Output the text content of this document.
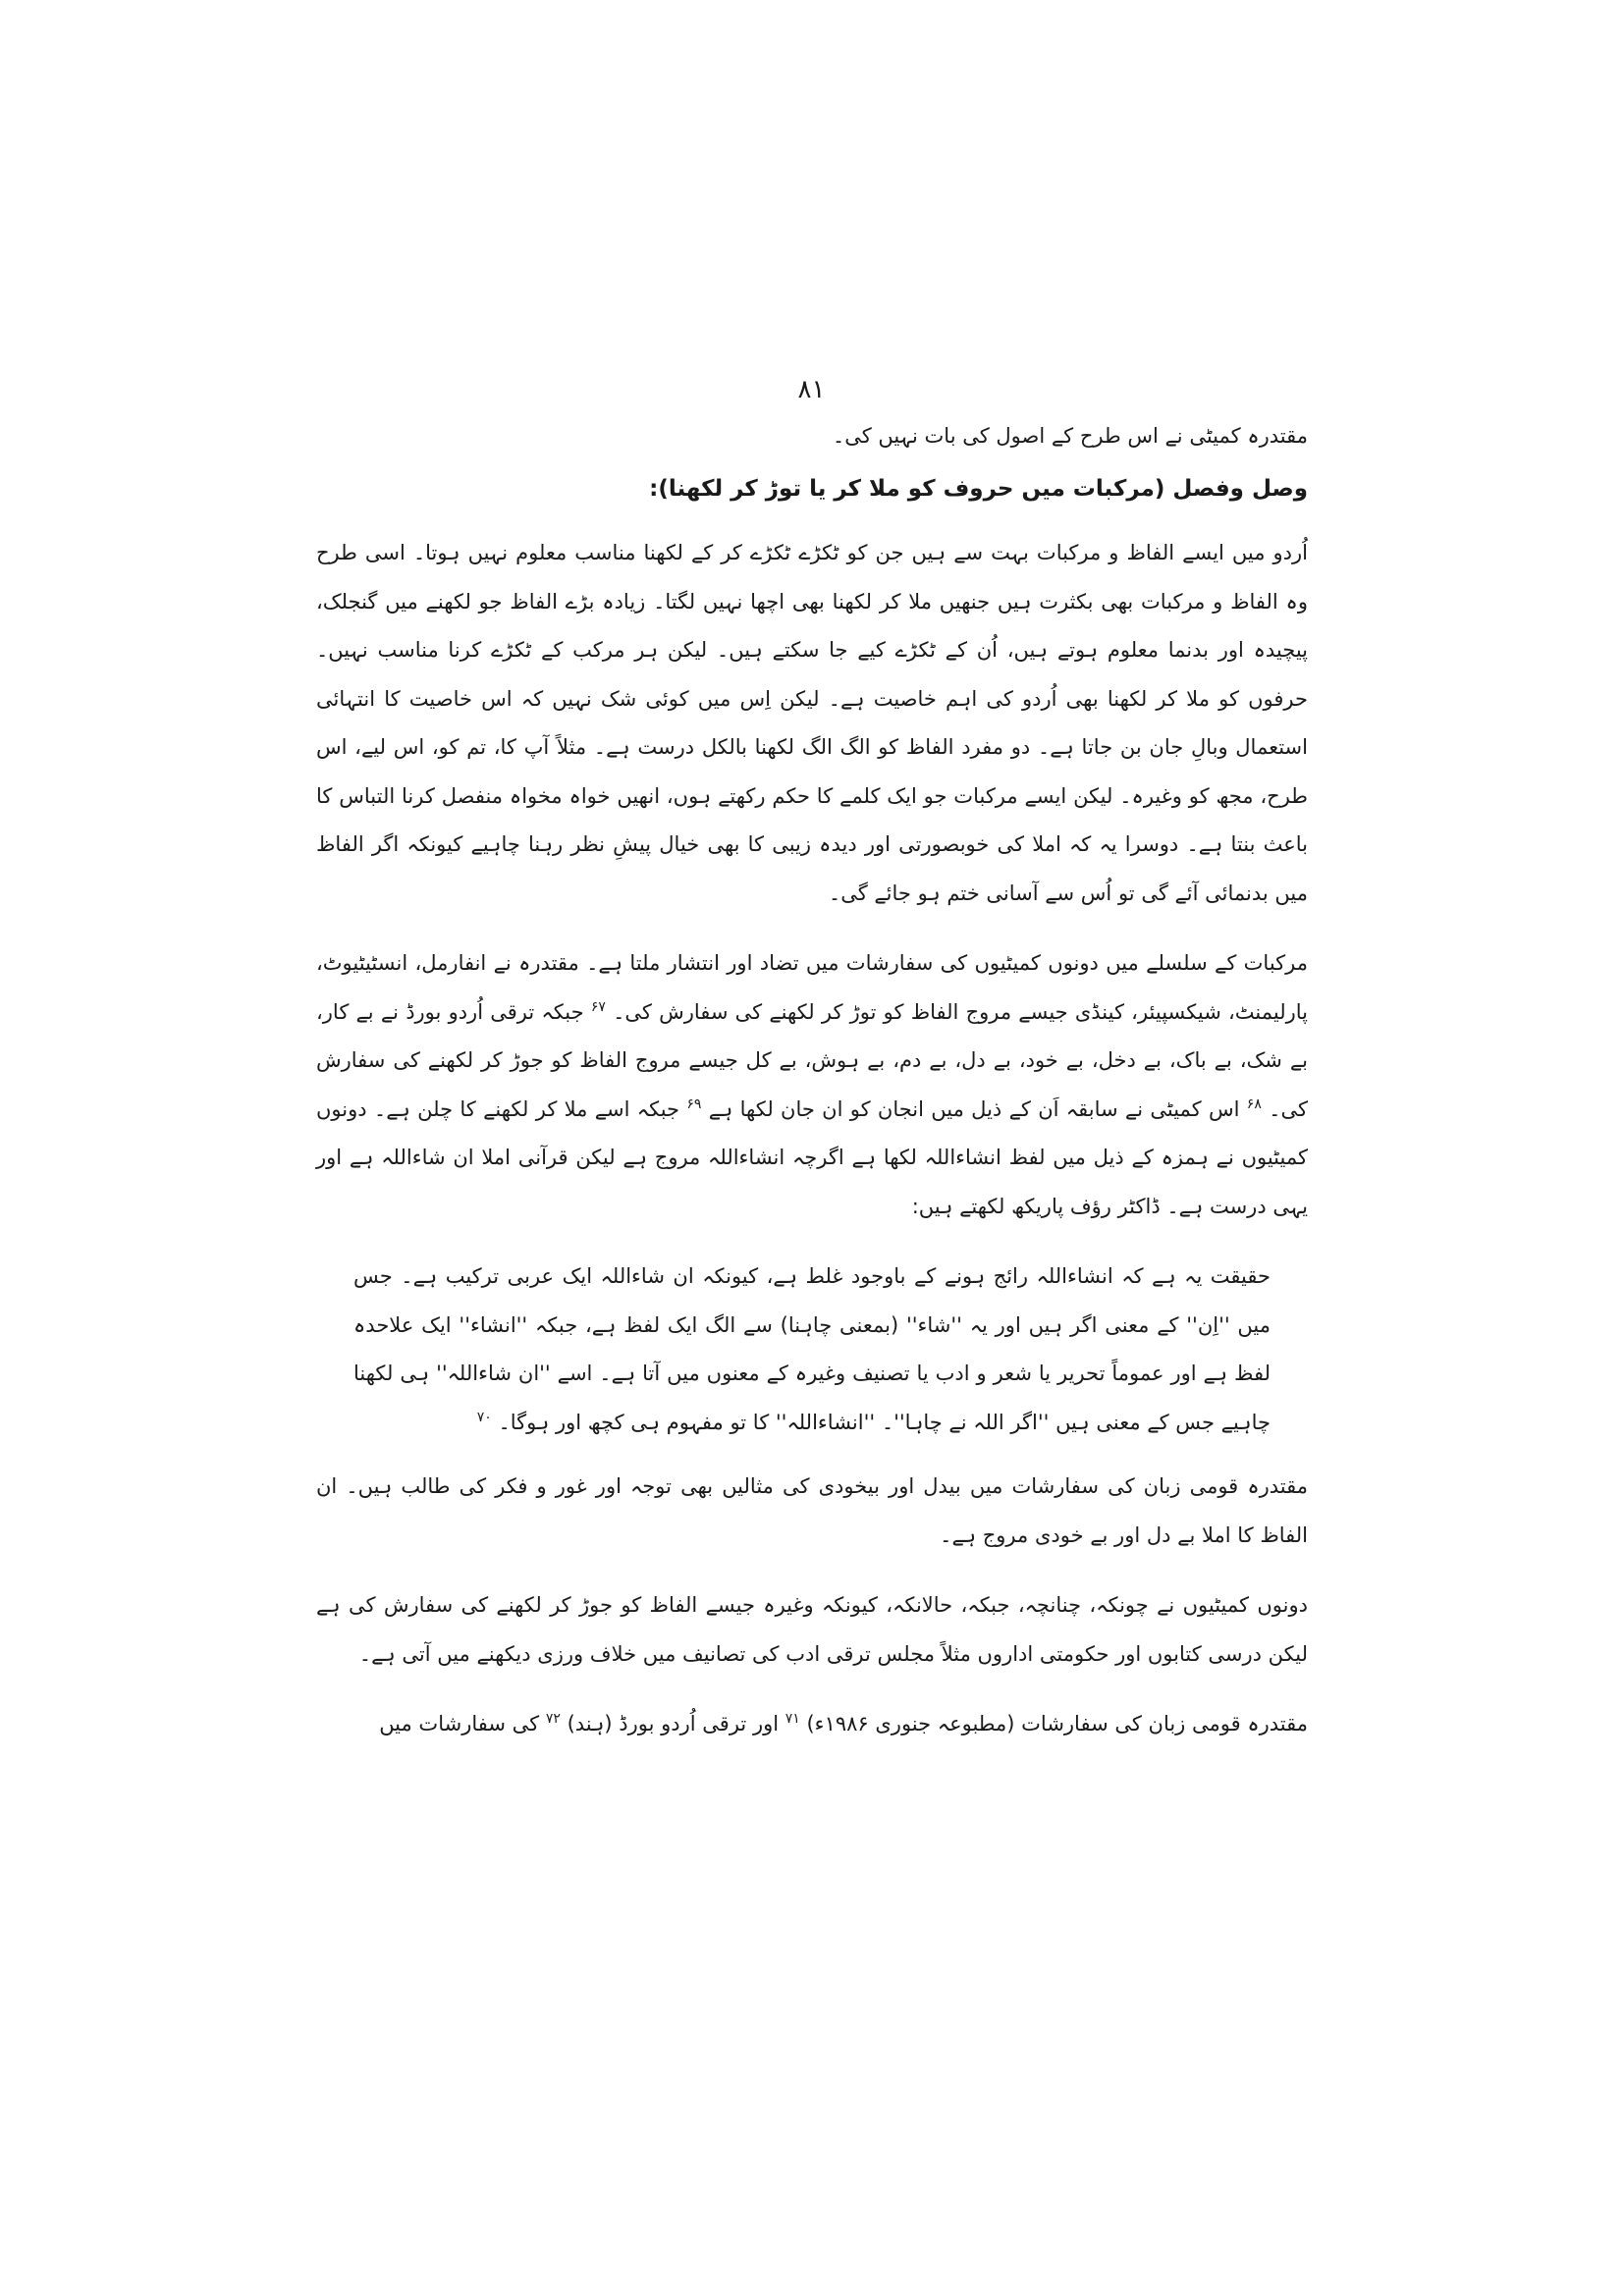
۸۱

مقتدرہ کمیٹی نے اس طرح کے اصول کی بات نہیں کی۔

وصل وفصل (مرکبات میں حروف کو ملا کر یا توڑ کر لکھنا):

اُردو میں ایسے الفاظ و مرکبات بہت سے ہیں جن کو ٹکڑے ٹکڑے کر کے لکھنا مناسب معلوم نہیں ہوتا۔ اسی طرح وہ الفاظ و مرکبات بھی بکثرت ہیں جنھیں ملا کر لکھنا بھی اچھا نہیں لگتا۔ زیادہ بڑے الفاظ جو لکھنے میں گنجلک، پیچیدہ اور بدنما معلوم ہوتے ہیں، اُن کے ٹکڑے کیے جا سکتے ہیں۔ لیکن ہر مرکب کے ٹکڑے کرنا مناسب نہیں۔ حرفوں کو ملا کر لکھنا بھی اُردو کی اہم خاصیت ہے۔ لیکن اِس میں کوئی شک نہیں کہ اس خاصیت کا انتہائی استعمال وبالِ جان بن جاتا ہے۔ دو مفرد الفاظ کو الگ الگ لکھنا بالکل درست ہے۔ مثلاً آپ کا، تم کو، اس لیے، اس طرح، مجھ کو وغیرہ۔ لیکن ایسے مرکبات جو ایک کلمے کا حکم رکھتے ہوں، انھیں خواہ مخواہ منفصل کرنا التباس کا باعث بنتا ہے۔ دوسرا یہ کہ املا کی خوبصورتی اور دیدہ زیبی کا بھی خیال پیشِ نظر رہنا چاہیے کیونکہ اگر الفاظ میں بدنمائی آئے گی تو اُس سے آسانی ختم ہو جائے گی۔

مرکبات کے سلسلے میں دونوں کمیٹیوں کی سفارشات میں تضاد اور انتشار ملتا ہے۔ مقتدرہ نے انفارمل، انسٹیٹیوٹ، پارلیمنٹ، شیکسپیئر، کینڈی جیسے مروج الفاظ کو توڑ کر لکھنے کی سفارش کی۔ $^{۶۷}$ جبکہ ترقی اُردو بورڈ نے بے کار، بے شک، بے باک، بے دخل، بے خود، بے دل، بے دم، بے ہوش، بے کل جیسے مروج الفاظ کو جوڑ کر لکھنے کی سفارش کی۔ $^{۶۸}$ اس کمیٹی نے سابقہ اَن کے ذیل میں انجان کو ان جان لکھا ہے $^{۶۹}$ جبکہ اسے ملا کر لکھنے کا چلن ہے۔ دونوں کمیٹیوں نے ہمزہ کے ذیل میں لفظ انشاءاللہ لکھا ہے اگرچہ انشاءاللہ مروج ہے لیکن قرآنی املا ان شاءاللہ ہے اور یہی درست ہے۔ ڈاکٹر رؤف پاریکھ لکھتے ہیں:

حقیقت یہ ہے کہ انشاءاللہ رائج ہونے کے باوجود غلط ہے، کیونکہ ان شاءاللہ ایک عربی ترکیب ہے۔ جس میں ''اِن'' کے معنی اگر ہیں اور یہ ''شاء'' (بمعنی چاہنا) سے الگ ایک لفظ ہے، جبکہ ''انشاء'' ایک علاحدہ لفظ ہے اور عموماً تحریر یا شعر و ادب یا تصنیف وغیرہ کے معنوں میں آتا ہے۔ اسے ''ان شاءاللہ'' ہی لکھنا چاہیے جس کے معنی ہیں ''اگر اللہ نے چاہا''۔ ''انشاءاللہ'' کا تو مفہوم ہی کچھ اور ہوگا۔ $^{۷۰}$

مقتدرہ قومی زبان کی سفارشات میں بیدل اور بیخودی کی مثالیں بھی توجہ اور غور و فکر کی طالب ہیں۔ ان الفاظ کا املا بے دل اور بے خودی مروج ہے۔

دونوں کمیٹیوں نے چونکہ، چنانچہ، جبکہ، حالانکہ، کیونکہ وغیرہ جیسے الفاظ کو جوڑ کر لکھنے کی سفارش کی ہے لیکن درسی کتابوں اور حکومتی اداروں مثلاً مجلس ترقی ادب کی تصانیف میں خلاف ورزی دیکھنے میں آتی ہے۔

مقتدرہ قومی زبان کی سفارشات (مطبوعہ جنوری ۱۹۸۶ء) $^{۷۱}$ اور ترقی اُردو بورڈ (ہند) $^{۷۲}$ کی سفارشات میں
